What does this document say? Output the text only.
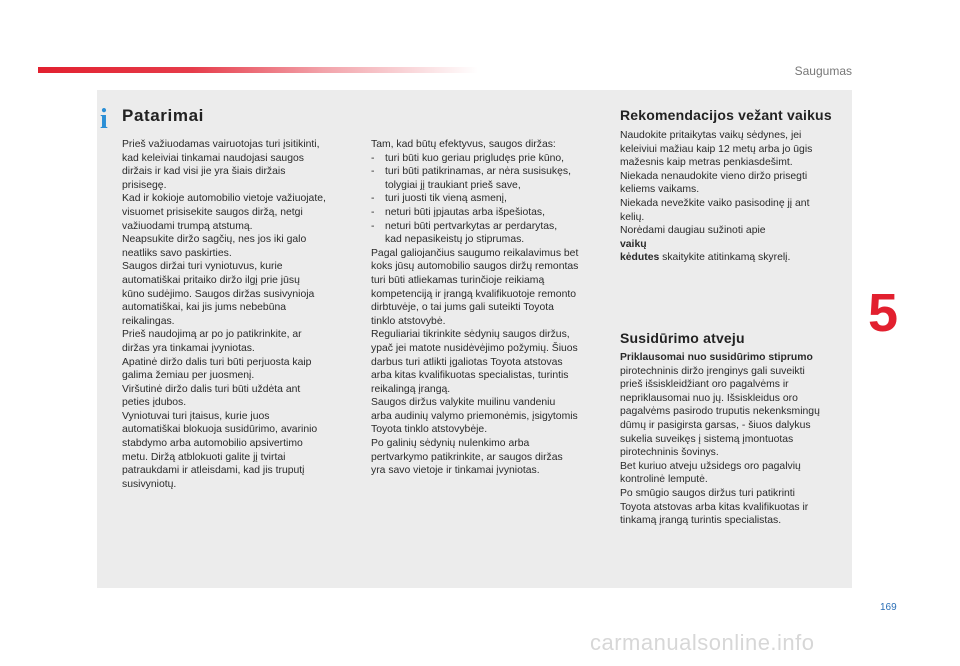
Saugumas
i Patarimai	Rekomendacijos vežant vaikus
Susidūrimo atveju

Prieš važiuodamas vairuotojas turi įsitikinti,

kad keleiviai tinkamai naudojasi saugos

diržais ir kad visi jie yra šiais diržais

prisisegę.

Kad ir kokioje automobilio vietoje važiuojate,

visuomet prisisekite saugos diržą, netgi

važiuodami trumpą atstumą.

Neapsukite diržo sagčių, nes jos iki galo

neatliks savo paskirties.

Saugos diržai turi vyniotuvus, kurie

automatiškai pritaiko diržo ilgį prie jūsų

kūno sudėjimo. Saugos diržas susivynioja

automatiškai, kai jis jums nebebūna

reikalingas.

Prieš naudojimą ar po jo patikrinkite, ar

diržas yra tinkamai įvyniotas.

Apatinė diržo dalis turi būti perjuosta kaip

galima žemiau per juosmenį.

Viršutinė diržo dalis turi būti uždėta ant

peties įdubos.

Vyniotuvai turi įtaisus, kurie juos

automatiškai blokuoja susidūrimo, avarinio

stabdymo arba automobilio apsivertimo

metu. Diržą atblokuoti galite jį tvirtai

patraukdami ir atleisdami, kad jis truputį

susivyniotų.

Tam, kad būtų efektyvus, saugos diržas:

-	turi būti kuo geriau prigludęs prie kūno,
-	turi būti patikrinamas, ar nėra susisukęs,
tolygiai jį traukiant prieš save,
-	turi juosti tik vieną asmenį,
-	neturi būti įpjautas arba išpešiotas,
-	neturi būti pertvarkytas ar perdarytas,
kad nepasikeistų jo stiprumas.

Pagal galiojančius saugumo reikalavimus bet

koks jūsų automobilio saugos diržų remontas

turi būti atliekamas turinčioje reikiamą

kompetenciją ir įrangą kvalifikuotoje remonto

dirbtuvėje, o tai jums gali suteikti Toyota

tinklo atstovybė.

Reguliariai tikrinkite sėdynių saugos diržus,

ypač jei matote nusidėvėjimo požymių. Šiuos

darbus turi atlikti įgaliotas Toyota atstovas

arba kitas kvalifikuotas specialistas, turintis

reikalingą įrangą.

Saugos diržus valykite muilinu vandeniu

arba audinių valymo priemonėmis, įsigytomis

Toyota tinklo atstovybėje.

Po galinių sėdynių nulenkimo arba

pertvarkymo patikrinkite, ar saugos diržas

yra savo vietoje ir tinkamai įvyniotas.

Naudokite pritaikytas vaikų sėdynes, jei

keleiviui mažiau kaip 12 metų arba jo ūgis

mažesnis kaip metras penkiasdešimt.

Niekada nenaudokite vieno diržo prisegti

keliems vaikams.

Niekada nevežkite vaiko pasisodinę jį ant

kelių.

Norėdami daugiau sužinoti apie

vaikų

kėdutes skaitykite atitinkamą skyrelį.

Priklausomai nuo susidūrimo stiprumo

pirotechninis diržo įrenginys gali suveikti

prieš išsiskleidžiant oro pagalvėms ir

nepriklausomai nuo jų. Išsiskleidus oro

pagalvėms pasirodo truputis nekenksmingų

dūmų ir pasigirsta garsas, - šiuos dalykus

sukelia suveikęs į sistemą įmontuotas

pirotechninis šovinys.

Bet kuriuo atveju užsidegs oro pagalvių

kontrolinė lemputė.

Po smūgio saugos diržus turi patikrinti

Toyota atstovas arba kitas kvalifikuotas ir

tinkamą įrangą turintis specialistas.

5
169
carmanualsonline.info
